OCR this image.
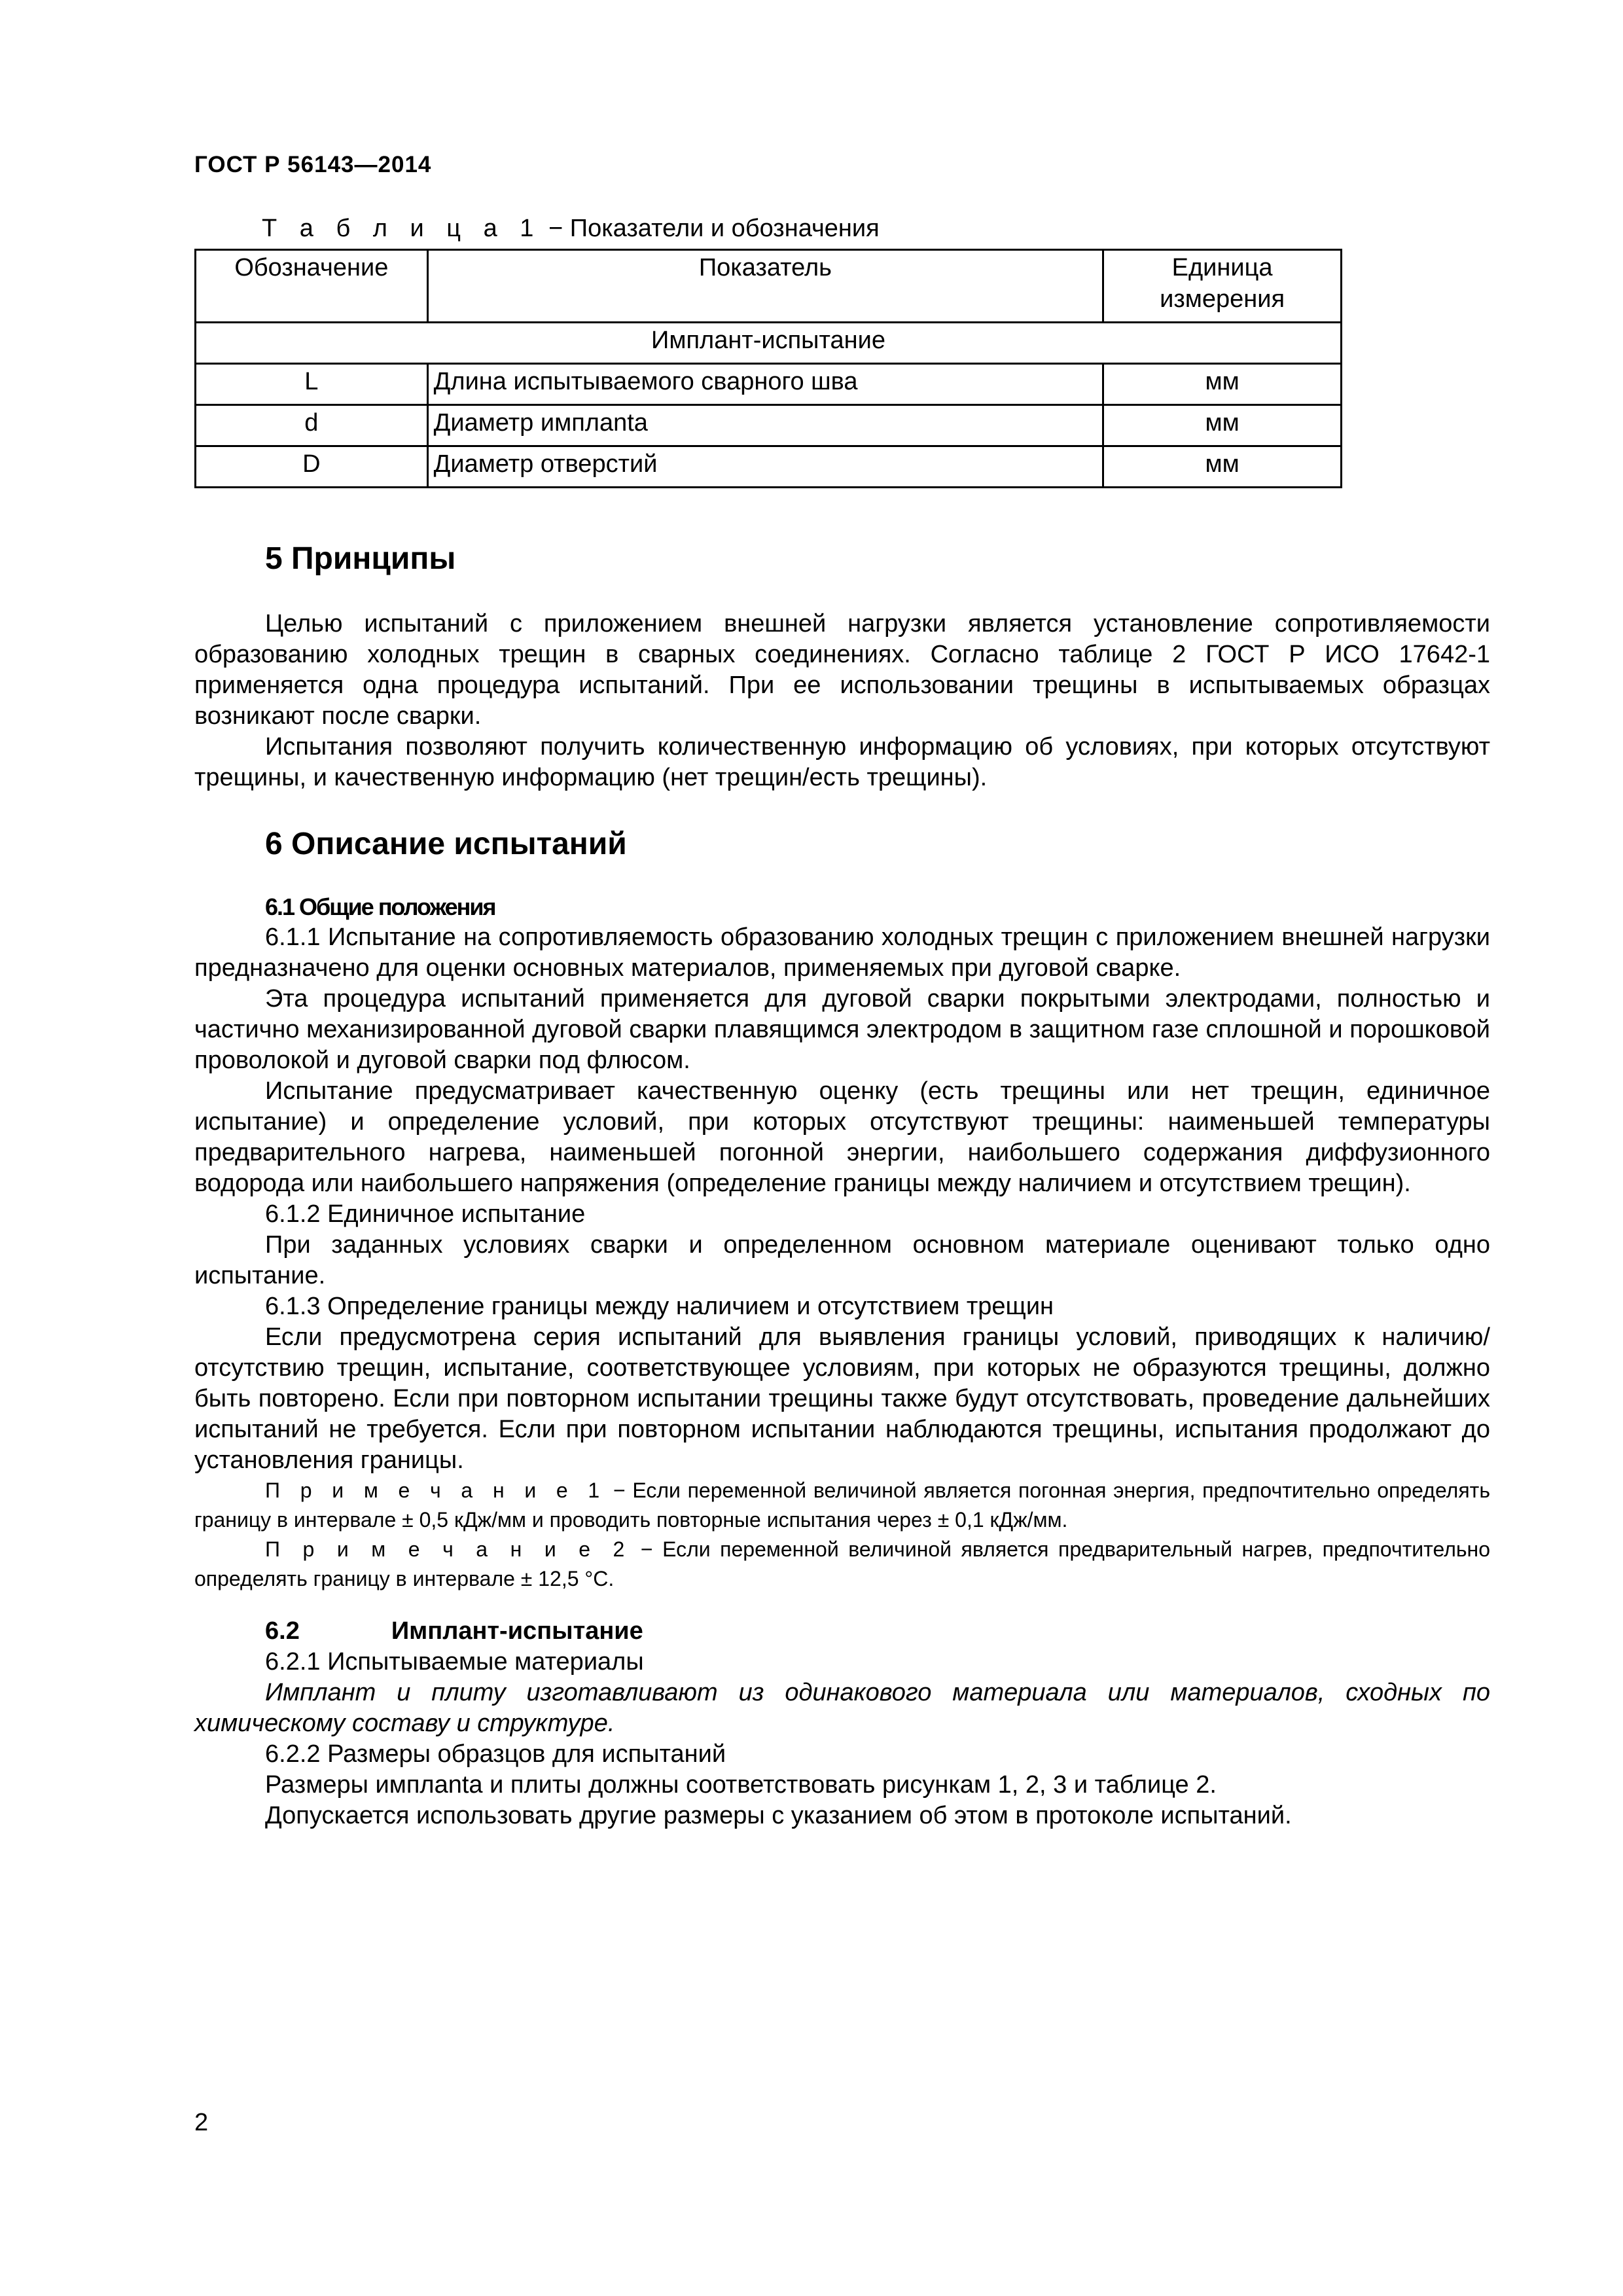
ГОСТ Р 56143—2014
Т а б л и ц а 1 − Показатели и обозначения
Обозначение	Показатель	Единица измерения
Имплант-испытание		
L	Длина испытываемого сварного шва	мм
d	Диаметр имплanta	мм
D	Диаметр отверстий	мм
5 Принципы

Целью испытаний с приложением внешней нагрузки является установление сопротивляемости образованию холодных трещин в сварных соединениях. Согласно таблице 2 ГОСТ Р ИСО 17642-1 применяется одна процедура испытаний. При ее использовании трещины в испытываемых образцах возникают после сварки.

Испытания позволяют получить количественную информацию об условиях, при которых отсутствуют трещины, и качественную информацию (нет трещин/есть трещины).

6 Описание испытаний

6.1 Общие положения

6.1.1 Испытание на сопротивляемость образованию холодных трещин с приложением внешней нагрузки предназначено для оценки основных материалов, применяемых при дуговой сварке.

Эта процедура испытаний применяется для дуговой сварки покрытыми электродами, полностью и частично механизированной дуговой сварки плавящимся электродом в защитном газе сплошной и порошковой проволокой и дуговой сварки под флюсом.

Испытание предусматривает качественную оценку (есть трещины или нет трещин, единичное испытание) и определение условий, при которых отсутствуют трещины: наименьшей температуры предварительного нагрева, наименьшей погонной энергии, наибольшего содержания диффузионного водорода или наибольшего напряжения (определение границы между наличием и отсутствием трещин).

6.1.2 Единичное испытание

При заданных условиях сварки и определенном основном материале оценивают только одно испытание.

6.1.3 Определение границы между наличием и отсутствием трещин

Если предусмотрена серия испытаний для выявления границы условий, приводящих к наличию/отсутствию трещин, испытание, соответствующее условиям, при которых не образуются трещины, должно быть повторено. Если при повторном испытании трещины также будут отсутствовать, проведение дальнейших испытаний не требуется. Если при повторном испытании наблюдаются трещины, испытания продолжают до установления границы.

П р и м е ч а н и е 1 − Если переменной величиной является погонная энергия, предпочтительно определять границу в интервале ± 0,5 кДж/мм и проводить повторные испытания через ± 0,1 кДж/мм.

П р и м е ч а н и е 2 − Если переменной величиной является предварительный нагрев, предпочтительно определять границу в интервале ± 12,5 °С.

6.2	Имплант-испытание

6.2.1 Испытываемые материалы

Имплант и плиту изготавливают из одинакового материала или материалов, сходных по химическому составу и структуре.

6.2.2 Размеры образцов для испытаний

Размеры имплanta и плиты должны соответствовать рисункам 1, 2, 3 и таблице 2.

Допускается использовать другие размеры с указанием об этом в протоколе испытаний.

2
